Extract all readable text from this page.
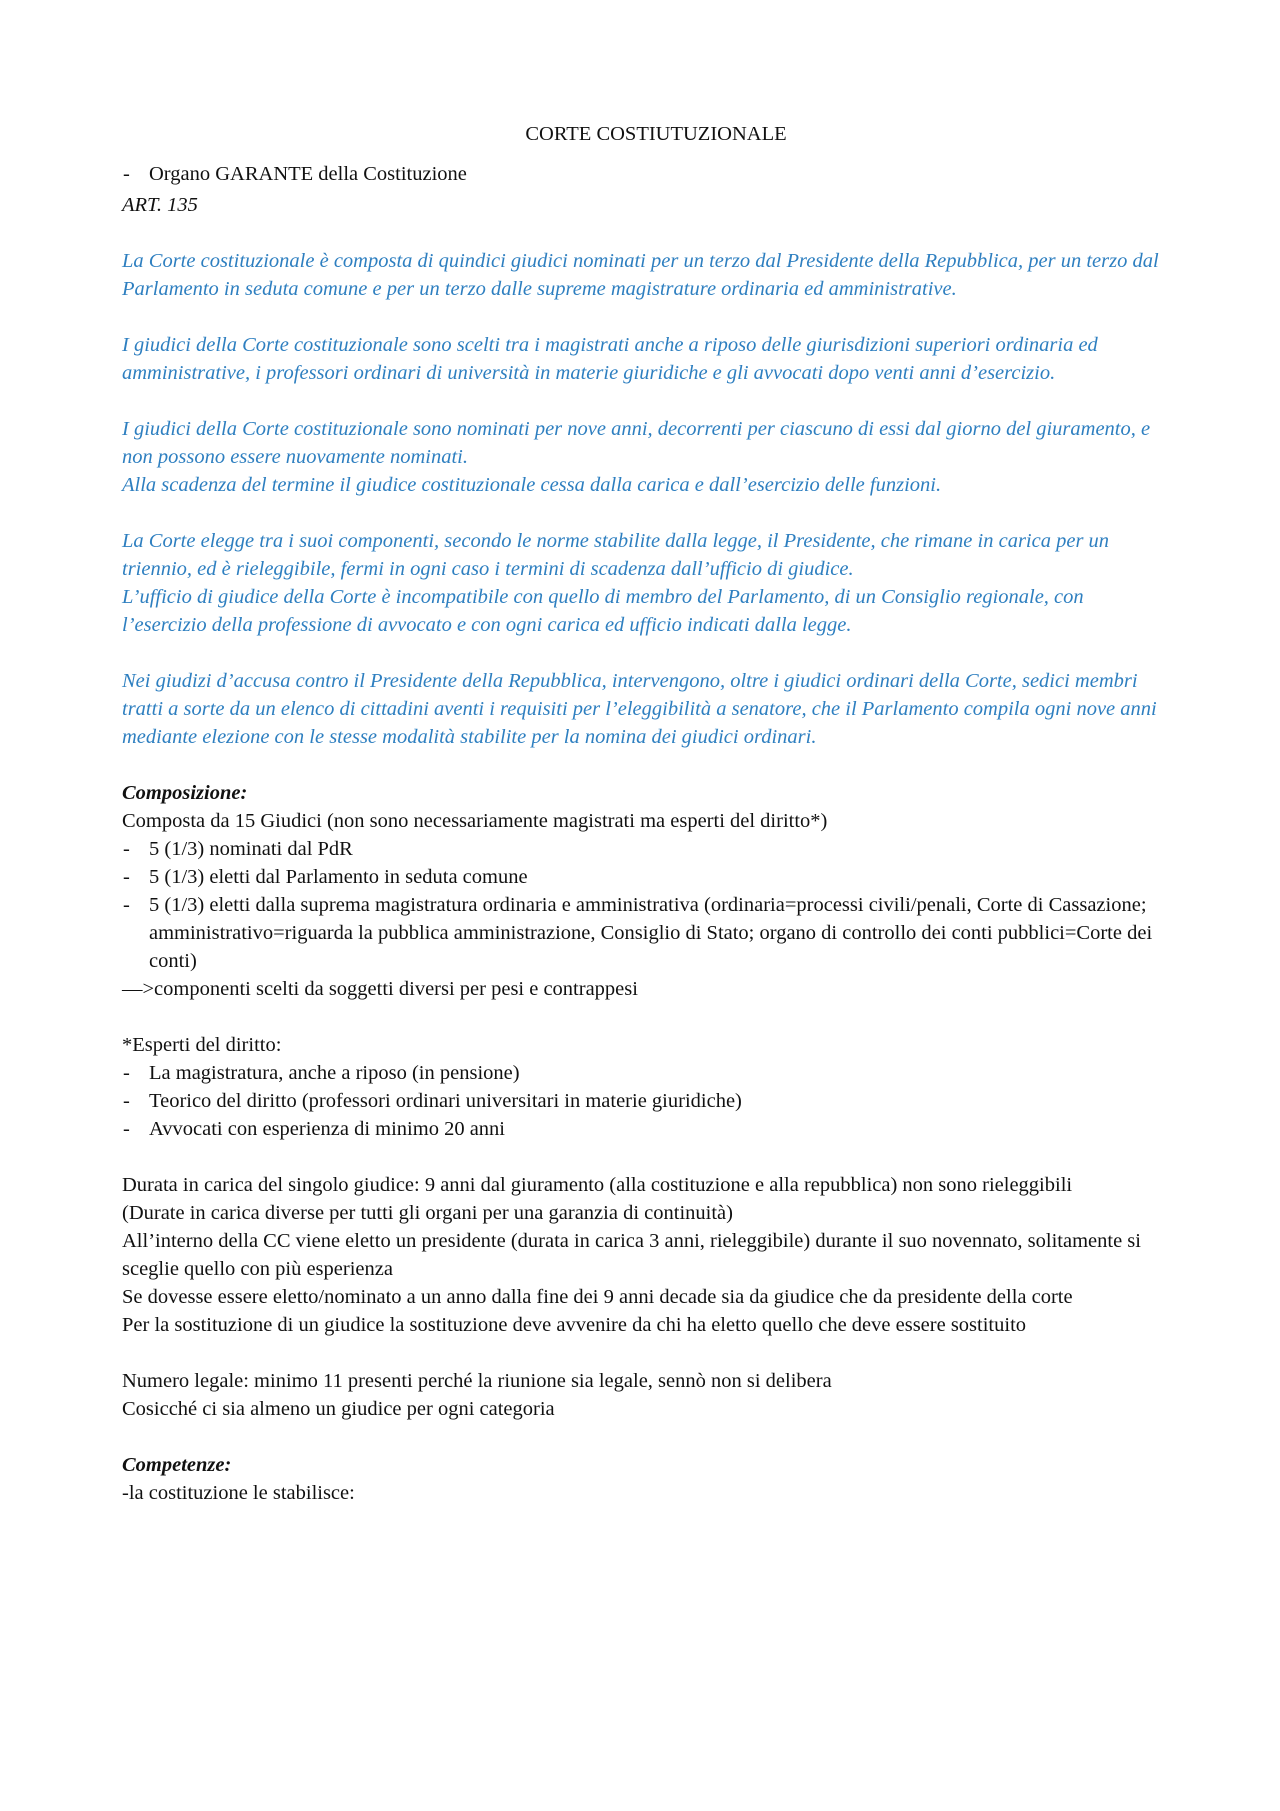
CORTE COSTIUTUZIONALE
- Organo GARANTE della Costituzione

ART. 135

La Corte costituzionale è composta di quindici giudici nominati per un terzo dal Presidente della Repubblica, per un terzo dal Parlamento in seduta comune e per un terzo dalle supreme magistrature ordinaria ed amministrative.

I giudici della Corte costituzionale sono scelti tra i magistrati anche a riposo delle giurisdizioni superiori ordinaria ed amministrative, i professori ordinari di università in materie giuridiche e gli avvocati dopo venti anni d’esercizio.

I giudici della Corte costituzionale sono nominati per nove anni, decorrenti per ciascuno di essi dal giorno del giuramento, e non possono essere nuovamente nominati.

Alla scadenza del termine il giudice costituzionale cessa dalla carica e dall’esercizio delle funzioni.

La Corte elegge tra i suoi componenti, secondo le norme stabilite dalla legge, il Presidente, che rimane in carica per un triennio, ed è rieleggibile, fermi in ogni caso i termini di scadenza dall’ufficio di giudice.

L’ufficio di giudice della Corte è incompatibile con quello di membro del Parlamento, di un Consiglio regionale, con l’esercizio della professione di avvocato e con ogni carica ed ufficio indicati dalla legge.

Nei giudizi d’accusa contro il Presidente della Repubblica, intervengono, oltre i giudici ordinari della Corte, sedici membri tratti a sorte da un elenco di cittadini aventi i requisiti per l’eleggibilità a senatore, che il Parlamento compila ogni nove anni mediante elezione con le stesse modalità stabilite per la nomina dei giudici ordinari.

Composizione:

Composta da 15 Giudici (non sono necessariamente magistrati ma esperti del diritto*)

- 5 (1/3) nominati dal PdR
- 5 (1/3) eletti dal Parlamento in seduta comune
- 5 (1/3) eletti dalla suprema magistratura ordinaria e amministrativa (ordinaria=processi civili/penali, Corte di Cassazione; amministrativo=riguarda la pubblica amministrazione, Consiglio di Stato; organo di controllo dei conti pubblici=Corte dei conti)

—>componenti scelti da soggetti diversi per pesi e contrappesi

*Esperti del diritto:

- La magistratura, anche a riposo (in pensione)
- Teorico del diritto (professori ordinari universitari in materie giuridiche)
- Avvocati con esperienza di minimo 20 anni

Durata in carica del singolo giudice: 9 anni dal giuramento (alla costituzione e alla repubblica) non sono rieleggibili

(Durate in carica diverse per tutti gli organi per una garanzia di continuità)

All’interno della CC viene eletto un presidente (durata in carica 3 anni, rieleggibile) durante il suo novennato, solitamente si sceglie quello con più esperienza

Se dovesse essere eletto/nominato a un anno dalla fine dei 9 anni decade sia da giudice che da presidente della corte

Per la sostituzione di un giudice la sostituzione deve avvenire da chi ha eletto quello che deve essere sostituito

Numero legale: minimo 11 presenti perché la riunione sia legale, sennò non si delibera

Cosicché ci sia almeno un giudice per ogni categoria

Competenze:

-la costituzione le stabilisce:
